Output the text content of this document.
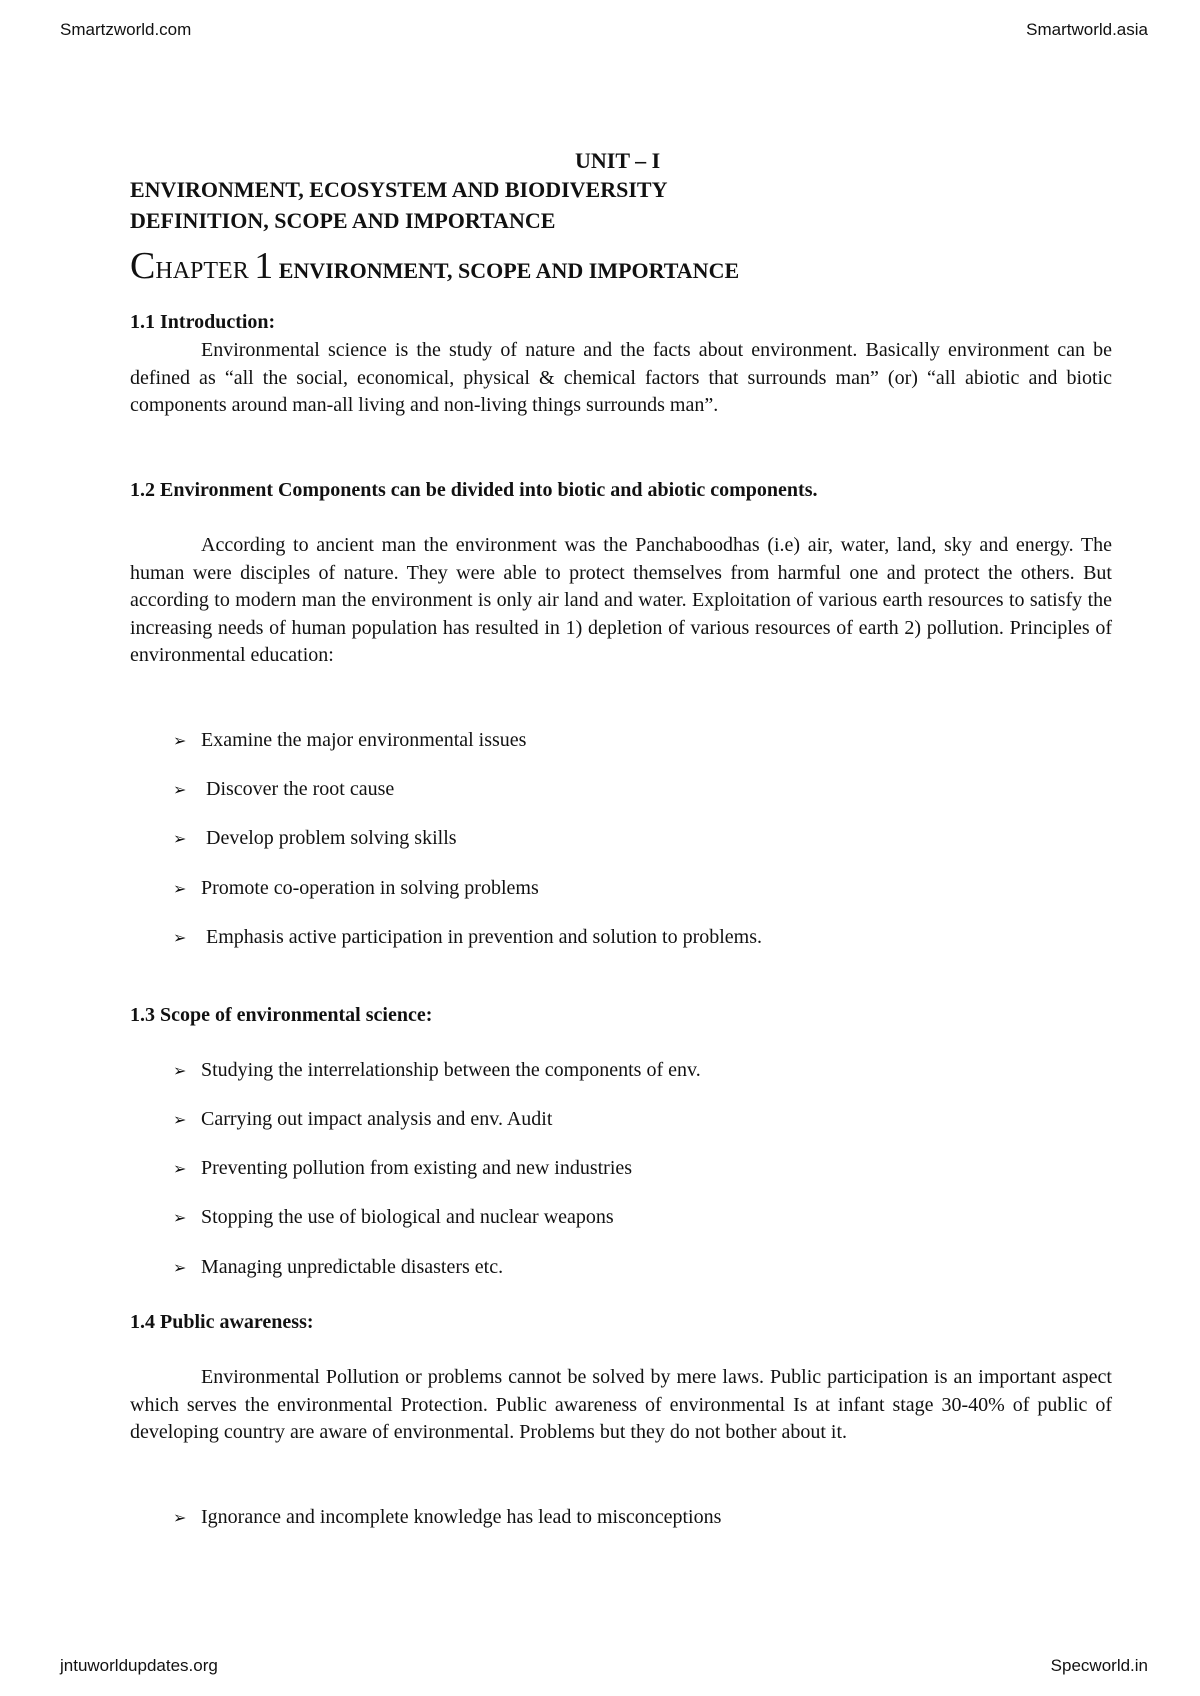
Smartzworld.com	Smartworld.asia
UNIT – I
ENVIRONMENT, ECOSYSTEM AND BIODIVERSITY
DEFINITION, SCOPE AND IMPORTANCE
CHAPTER 1 ENVIRONMENT, SCOPE AND IMPORTANCE
1.1 Introduction:
Environmental science is the study of nature and the facts about environment. Basically environment can be defined as “all the social, economical, physical & chemical factors that surrounds man” (or) “all abiotic and biotic components around man-all living and non-living things surrounds man”.
1.2 Environment Components can be divided into biotic and abiotic components.
According to ancient man the environment was the Panchaboodhas (i.e) air, water, land, sky and energy. The human were disciples of nature. They were able to protect themselves from harmful one and protect the others. But according to modern man the environment is only air land and water. Exploitation of various earth resources to satisfy the increasing needs of human population has resulted in 1) depletion of various resources of earth 2) pollution. Principles of environmental education:
➢ Examine the major environmental issues
➢ Discover the root cause
➢ Develop problem solving skills
➢ Promote co-operation in solving problems
➢ Emphasis active participation in prevention and solution to problems.
1.3 Scope of environmental science:
➢ Studying the interrelationship between the components of env.
➢ Carrying out impact analysis and env. Audit
➢ Preventing pollution from existing and new industries
➢ Stopping the use of biological and nuclear weapons
➢ Managing unpredictable disasters etc.
1.4 Public awareness:
Environmental Pollution or problems cannot be solved by mere laws. Public participation is an important aspect which serves the environmental Protection. Public awareness of environmental Is at infant stage 30-40% of public of developing country are aware of environmental. Problems but they do not bother about it.
➢ Ignorance and incomplete knowledge has lead to misconceptions
jntuworldupdates.org	Specworld.in
